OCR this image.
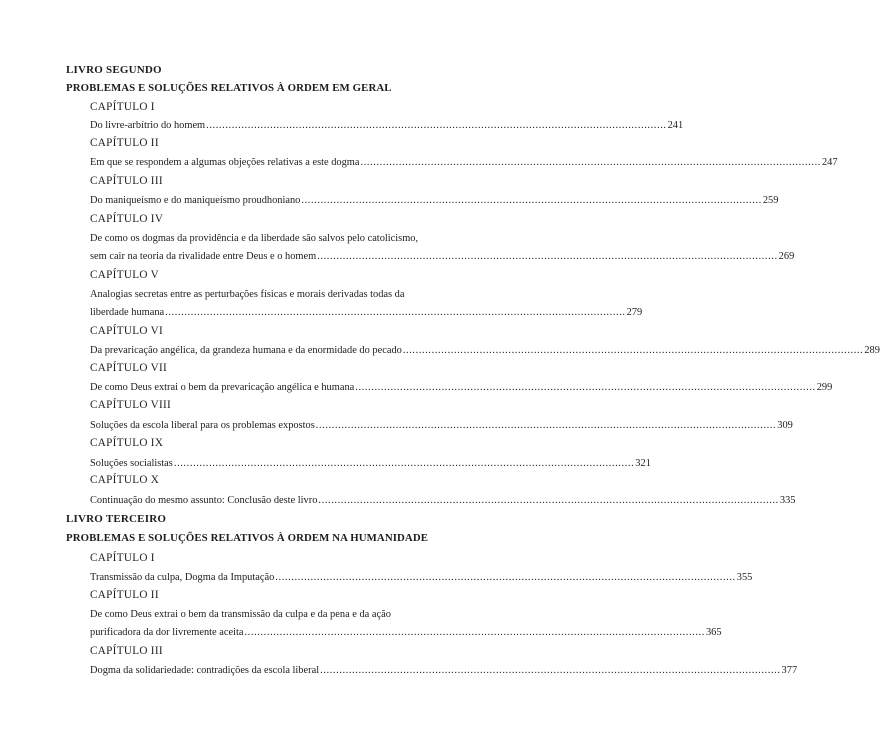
LIVRO SEGUNDO
PROBLEMAS E SOLUÇÕES RELATIVOS À ORDEM EM GERAL
CAPÍTULO I
Do livre-arbítrio do homem ................................................................................................................................................ 241
CAPÍTULO II
Em que se respondem a algumas objeções relativas a este dogma ................................................................................................................................................ 247
CAPÍTULO III
Do maniqueísmo e do maniqueísmo proudhoniano ................................................................................................................................................ 259
CAPÍTULO IV
De como os dogmas da providência e da liberdade são salvos pelo catolicismo,
sem cair na teoria da rivalidade entre Deus e o homem ................................................................................................................................................ 269
CAPÍTULO V
Analogias secretas entre as perturbações físicas e morais derivadas todas da
liberdade humana ................................................................................................................................................ 279
CAPÍTULO VI
Da prevaricação angélica, da grandeza humana e da enormidade do pecado ................................................................................................................................................ 289
CAPÍTULO VII
De como Deus extrai o bem da prevaricação angélica e humana ................................................................................................................................................ 299
CAPÍTULO VIII
Soluções da escola liberal para os problemas expostos ................................................................................................................................................ 309
CAPÍTULO IX
Soluções socialistas ................................................................................................................................................ 321
CAPÍTULO X
Continuação do mesmo assunto: Conclusão deste livro ................................................................................................................................................ 335
LIVRO TERCEIRO
PROBLEMAS E SOLUÇÕES RELATIVOS À ORDEM NA HUMANIDADE
CAPÍTULO I
Transmissão da culpa, Dogma da Imputação ................................................................................................................................................ 355
CAPÍTULO II
De como Deus extrai o bem da transmissão da culpa e da pena e da ação
purificadora da dor livremente aceita ................................................................................................................................................ 365
CAPÍTULO III
Dogma da solidariedade: contradições da escola liberal ................................................................................................................................................ 377
